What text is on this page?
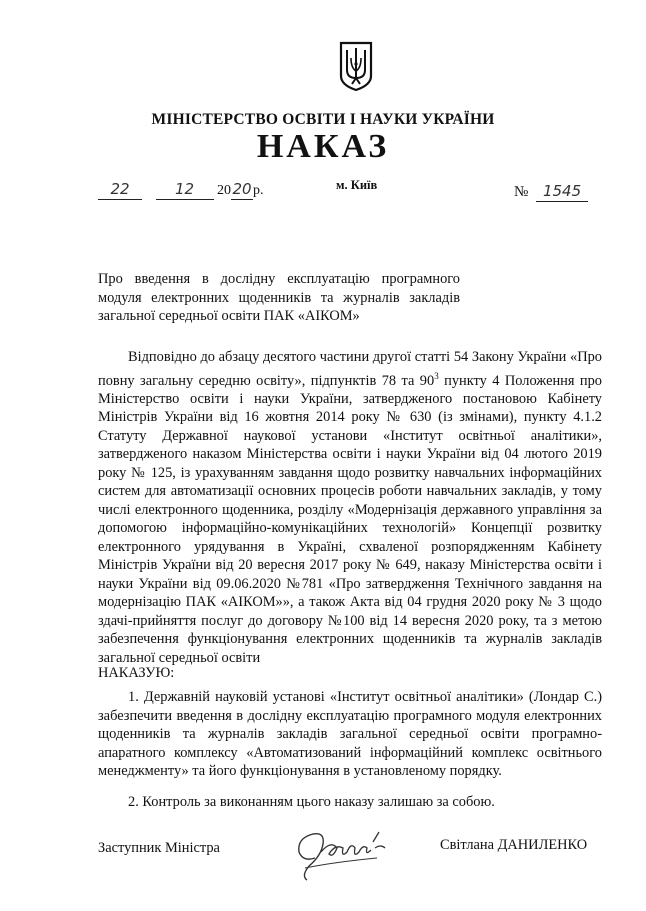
МІНІСТЕРСТВО ОСВІТИ І НАУКИ УКРАЇНИ
НАКАЗ
м. Київ
22	12 2020р.	№ 1545

Про введення в дослідну експлуатацію програмного модуля електронних щоденників та журналів закладів загальної середньої освіти ПАК «АІКОМ»

Відповідно до абзацу десятого частини другої статті 54 Закону України «Про повну загальну середню освіту», підпунктів 78 та $90^3$ пункту 4 Положення про Міністерство освіти і науки України, затвердженого постановою Кабінету Міністрів України від 16 жовтня 2014 року № 630 (із змінами), пункту 4.1.2 Статуту Державної наукової установи «Інститут освітньої аналітики», затвердженого наказом Міністерства освіти і науки України від 04 лютого 2019 року № 125, із урахуванням завдання щодо розвитку навчальних інформаційних систем для автоматизації основних процесів роботи навчальних закладів, у тому числі електронного щоденника, розділу «Модернізація державного управління за допомогою інформаційно-комунікаційних технологій» Концепції розвитку електронного урядування в Україні, схваленої розпорядженням Кабінету Міністрів України від 20 вересня 2017 року № 649, наказу Міністерства освіти і науки України від 09.06.2020 №781 «Про затвердження Технічного завдання на модернізацію ПАК «АІКОМ»», а також Акта від 04 грудня 2020 року № 3 щодо здачі-прийняття послуг до договору №100 від 14 вересня 2020 року, та з метою забезпечення функціонування електронних щоденників та журналів закладів загальної середньої освіти

НАКАЗУЮ:

1. Державній науковій установі «Інститут освітньої аналітики» (Лондар С.) забезпечити введення в дослідну експлуатацію програмного модуля електронних щоденників та журналів закладів загальної середньої освіти програмно-апаратного комплексу «Автоматизований інформаційний комплекс освітнього менеджменту» та його функціонування в установленому порядку.

2. Контроль за виконанням цього наказу залишаю за собою.

Заступник Міністра	Світлана ДАНИЛЕНКО
